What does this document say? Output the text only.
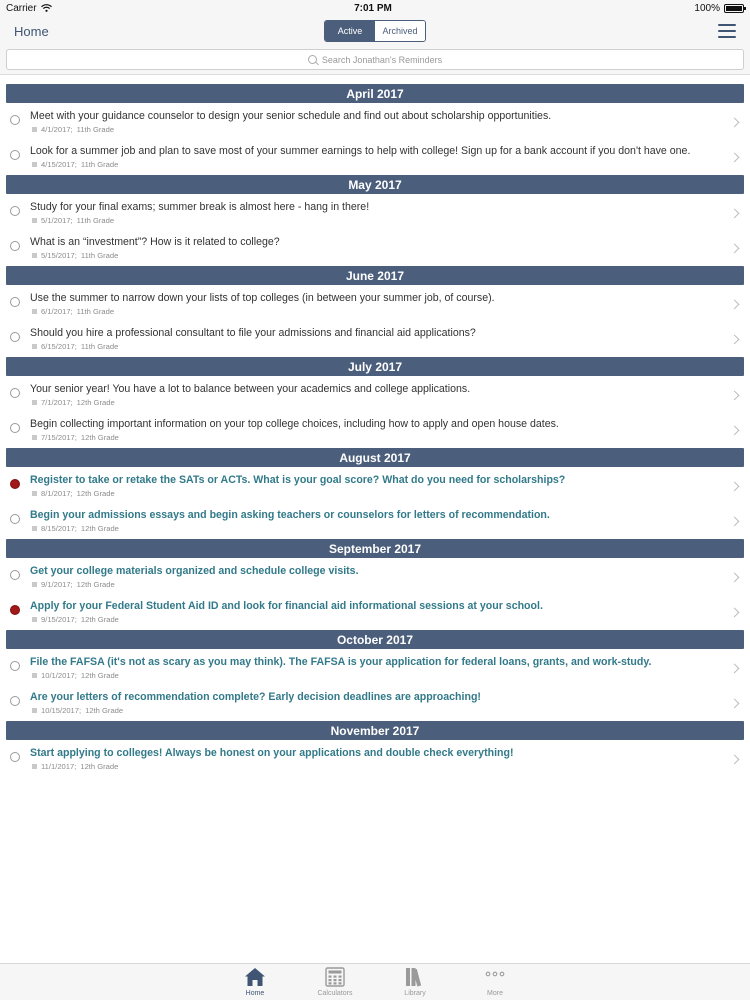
Carrier	7:01 PM	100%
Home	Active	Archived
Search Jonathan's Reminders
April 2017
Meet with your guidance counselor to design your senior schedule and find out about scholarship opportunities.
4/1/2017; 11th Grade
Look for a summer job and plan to save most of your summer earnings to help with college! Sign up for a bank account if you don't have one.
4/15/2017; 11th Grade
May 2017
Study for your final exams; summer break is almost here - hang in there!
5/1/2017; 11th Grade
What is an “investment”? How is it related to college?
5/15/2017; 11th Grade
June 2017
Use the summer to narrow down your lists of top colleges (in between your summer job, of course).
6/1/2017; 11th Grade
Should you hire a professional consultant to file your admissions and financial aid applications?
6/15/2017; 11th Grade
July 2017
Your senior year! You have a lot to balance between your academics and college applications.
7/1/2017; 12th Grade
Begin collecting important information on your top college choices, including how to apply and open house dates.
7/15/2017; 12th Grade
August 2017
Register to take or retake the SATs or ACTs. What is your goal score? What do you need for scholarships?
8/1/2017; 12th Grade
Begin your admissions essays and begin asking teachers or counselors for letters of recommendation.
8/15/2017; 12th Grade
September 2017
Get your college materials organized and schedule college visits.
9/1/2017; 12th Grade
Apply for your Federal Student Aid ID and look for financial aid informational sessions at your school.
9/15/2017; 12th Grade
October 2017
File the FAFSA (it's not as scary as you may think). The FAFSA is your application for federal loans, grants, and work-study.
10/1/2017; 12th Grade
Are your letters of recommendation complete? Early decision deadlines are approaching!
10/15/2017; 12th Grade
November 2017
Start applying to colleges! Always be honest on your applications and double check everything!
11/1/2017; 12th Grade
Home	Calculators	Library	More
